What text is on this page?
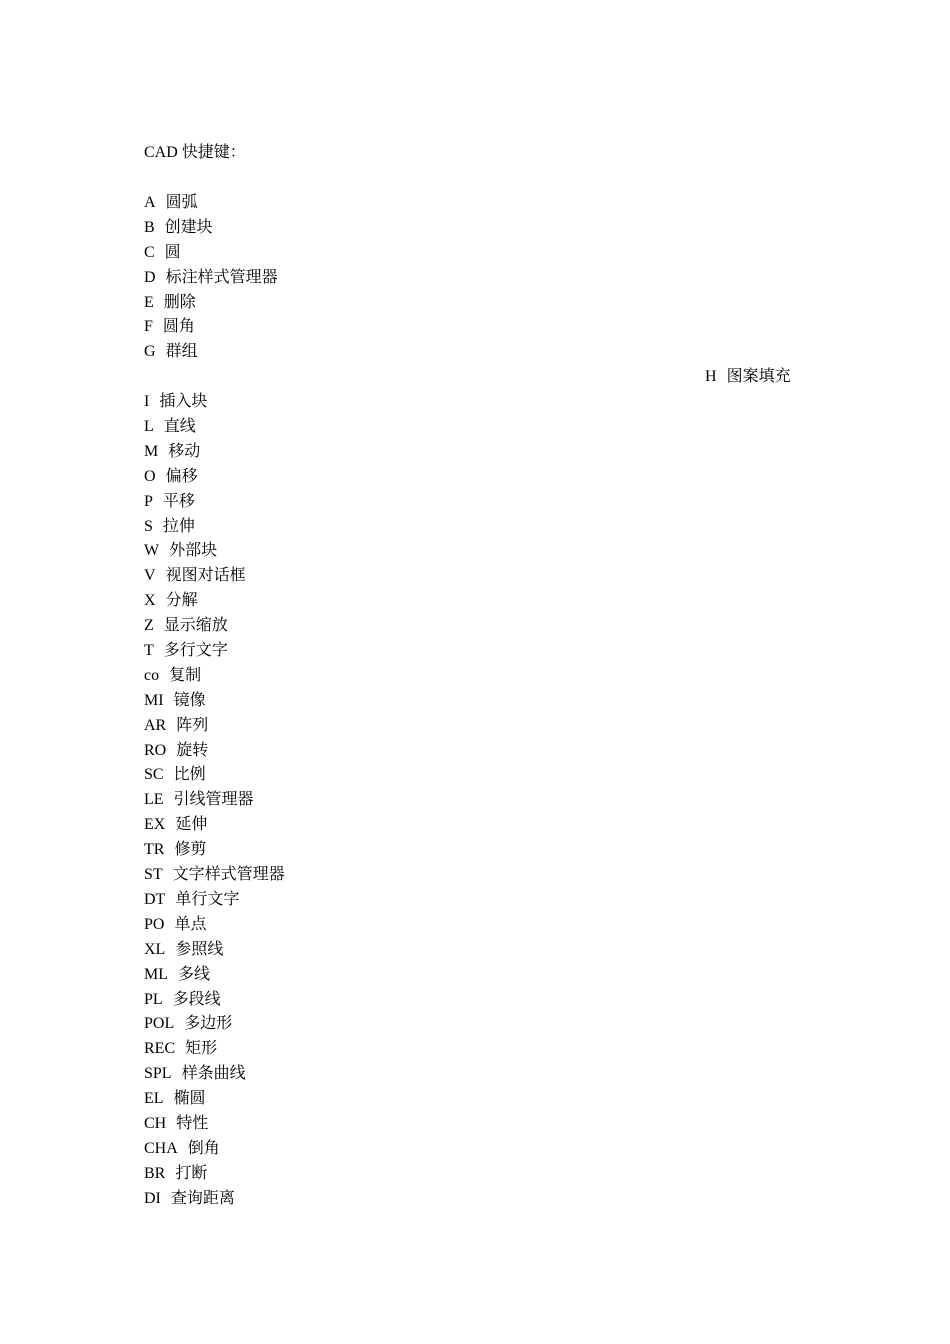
CAD 快捷键：
A 圆弧
B 创建块
C 圆
D 标注样式管理器
E 删除
F 圆角
G 群组
H 图案填充
I 插入块
L 直线
M 移动
O 偏移
P 平移
S 拉伸
W 外部块
V 视图对话框
X 分解
Z 显示缩放
T 多行文字
co 复制
MI 镜像
AR 阵列
RO 旋转
SC 比例
LE 引线管理器
EX 延伸
TR 修剪
ST 文字样式管理器
DT 单行文字
PO 单点
XL 参照线
ML 多线
PL 多段线
POL 多边形
REC 矩形
SPL 样条曲线
EL 椭圆
CH 特性
CHA 倒角
BR 打断
DI 查询距离
